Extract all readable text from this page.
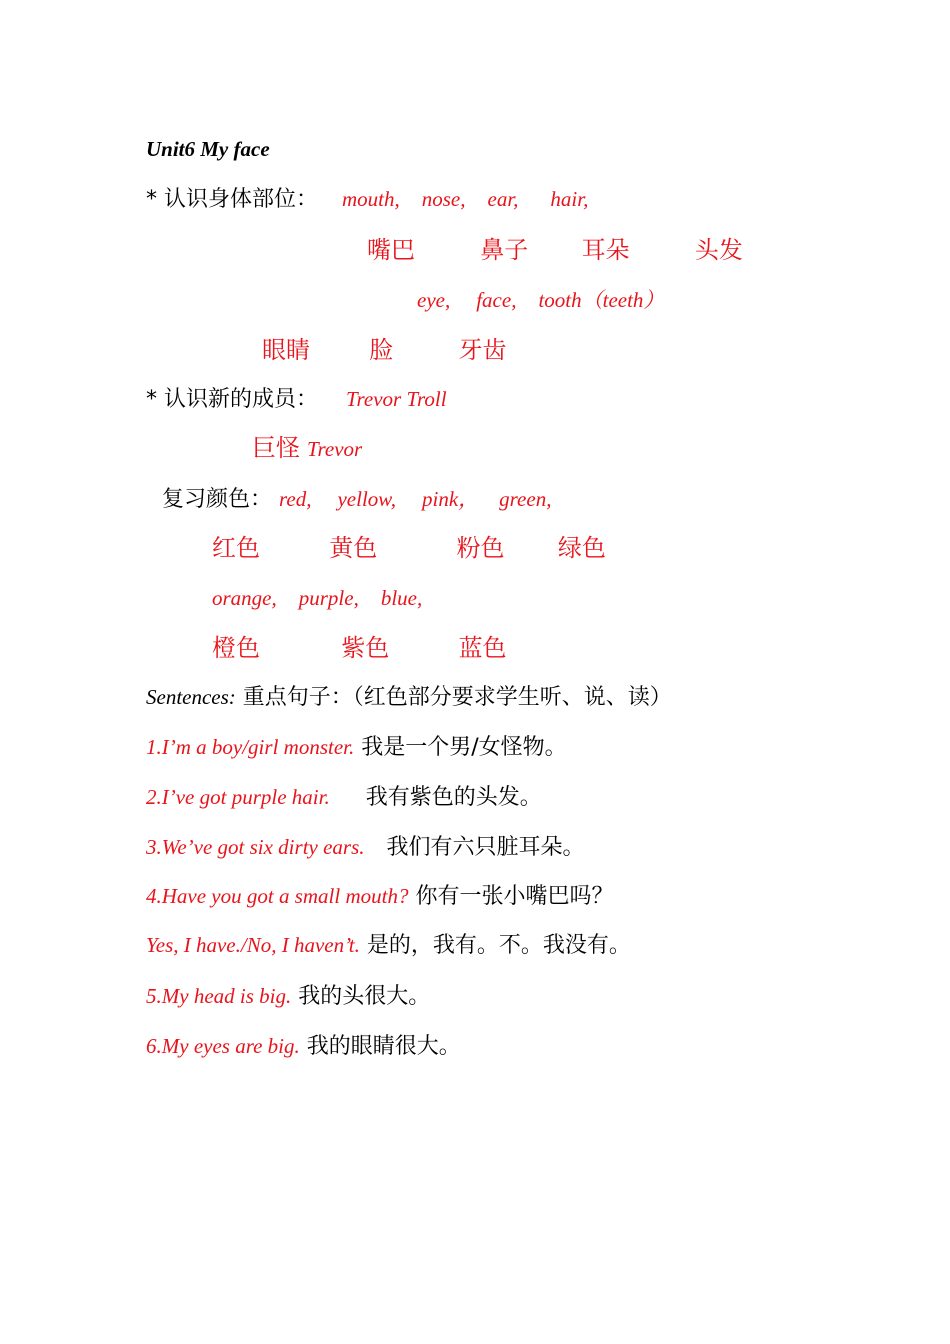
Unit6 My face
* 认识身体部位： mouth, nose, ear, hair,
嘴巴	鼻子 耳朵	头发
eye, face, tooth（teeth）
眼睛 脸	牙齿
* 认识新的成员： Trevor Troll
巨怪 Trevor
复习颜色： red, yellow, pink， green,
红色	黄色	粉色 绿色
orange, purple, blue,
橙色	紫色	蓝色
Sentences: 重点句子：（红色部分要求学生听、说、读）
1.I’m a boy/girl monster. 我是一个男/女怪物。
2.I’ve got purple hair. 我有紫色的头发。
3.We’ve got six dirty ears. 我们有六只脏耳朵。
4.Have you got a small mouth? 你有一张小嘴巴吗？
Yes, I have./No, I haven’t. 是的，我有。不。我没有。
5.My head is big. 我的头很大。
6.My eyes are big. 我的眼睛很大。
